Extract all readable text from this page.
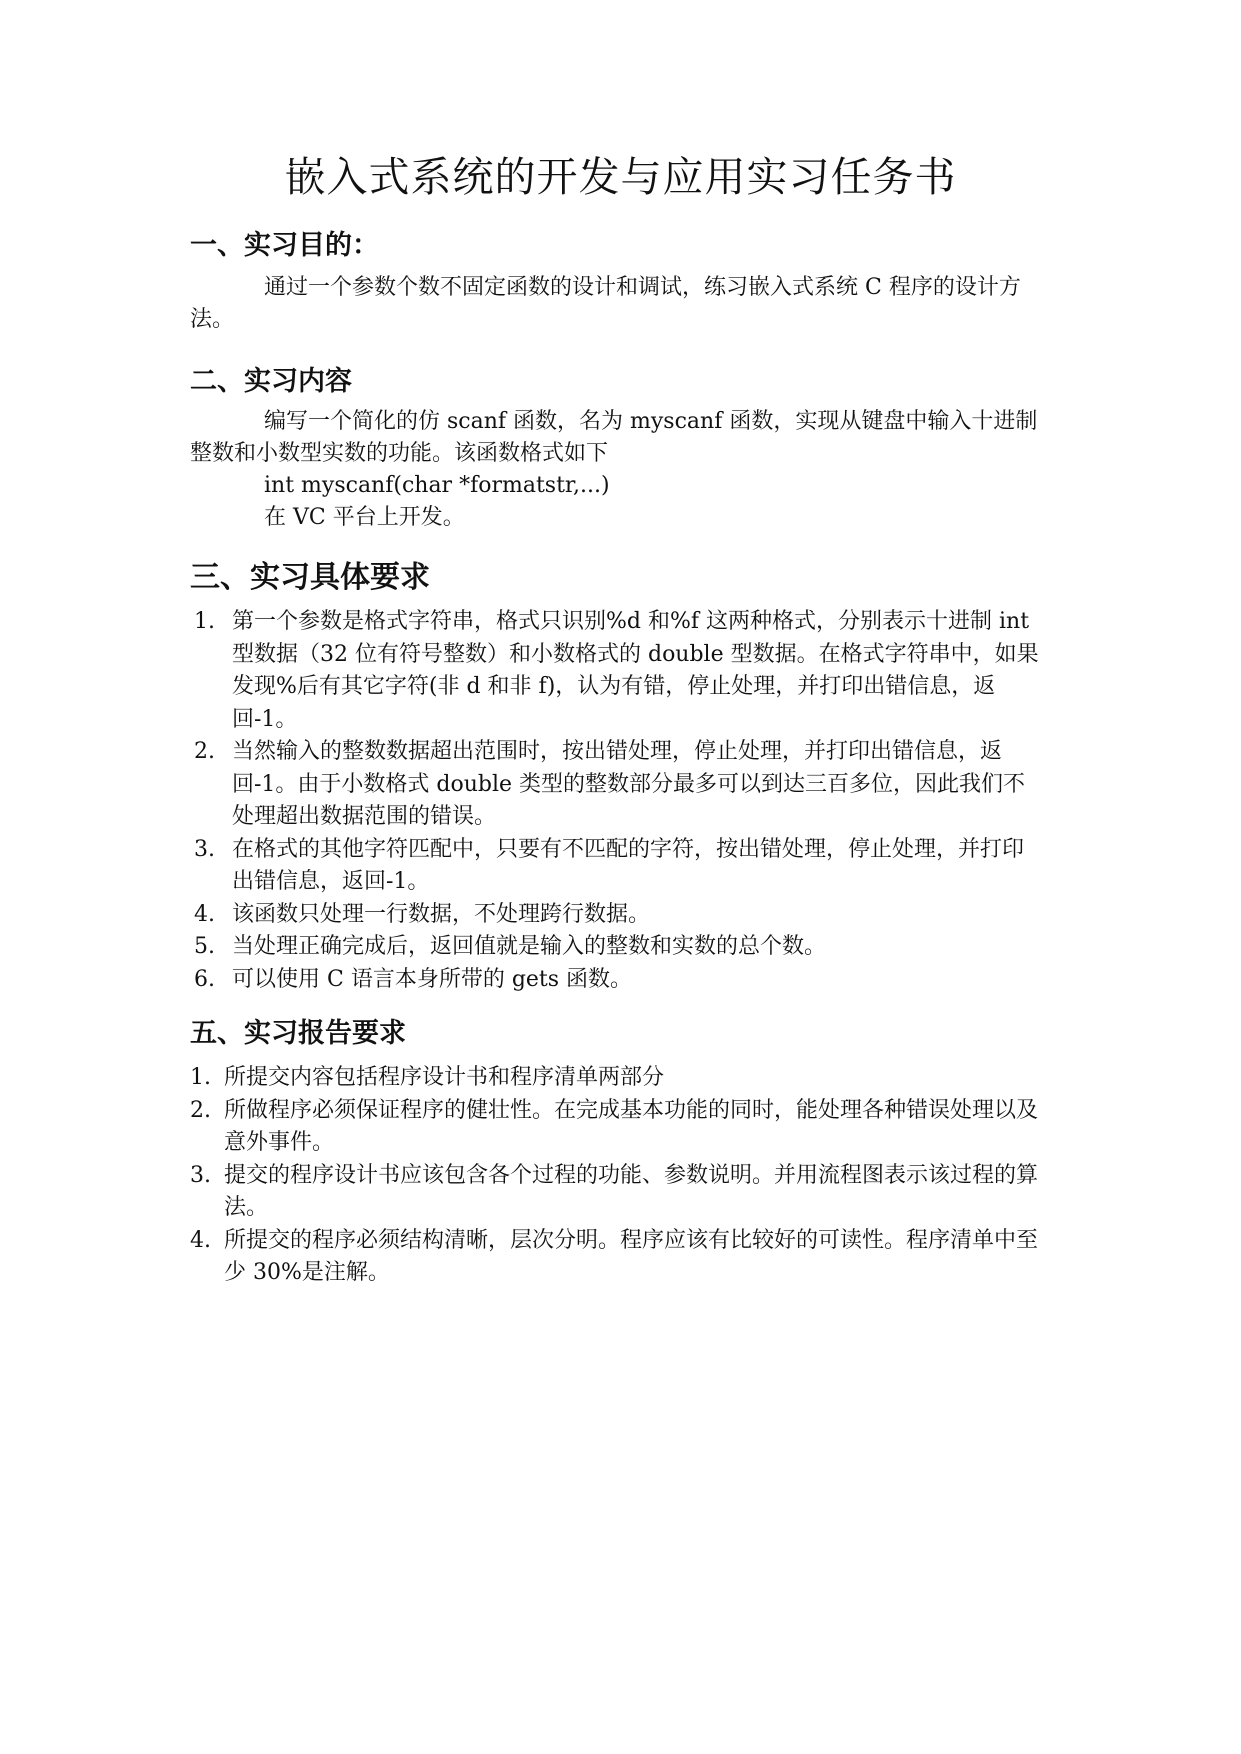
嵌入式系统的开发与应用实习任务书
一、实习目的：

通过一个参数个数不固定函数的设计和调试，练习嵌入式系统 C 程序的设计方法。

二、实习内容

编写一个简化的仿 scanf 函数，名为 myscanf 函数，实现从键盘中输入十进制整数和小数型实数的功能。该函数格式如下

int myscanf(char *formatstr,...)

在 VC 平台上开发。

三、实习具体要求
1. 第一个参数是格式字符串，格式只识别%d 和%f 这两种格式，分别表示十进制 int 型数据（32 位有符号整数）和小数格式的 double 型数据。在格式字符串中，如果发现%后有其它字符(非 d 和非 f)，认为有错，停止处理，并打印出错信息，返回-1。
2. 当然输入的整数数据超出范围时，按出错处理，停止处理，并打印出错信息，返回-1。由于小数格式 double 类型的整数部分最多可以到达三百多位，因此我们不处理超出数据范围的错误。
3. 在格式的其他字符匹配中，只要有不匹配的字符，按出错处理，停止处理，并打印出错信息，返回-1。
4. 该函数只处理一行数据，不处理跨行数据。
5. 当处理正确完成后，返回值就是输入的整数和实数的总个数。
6. 可以使用 C 语言本身所带的 gets 函数。
五、实习报告要求
1. 所提交内容包括程序设计书和程序清单两部分
2. 所做程序必须保证程序的健壮性。在完成基本功能的同时，能处理各种错误处理以及意外事件。
3. 提交的程序设计书应该包含各个过程的功能、参数说明。并用流程图表示该过程的算法。
4. 所提交的程序必须结构清晰，层次分明。程序应该有比较好的可读性。程序清单中至少 30%是注解。
